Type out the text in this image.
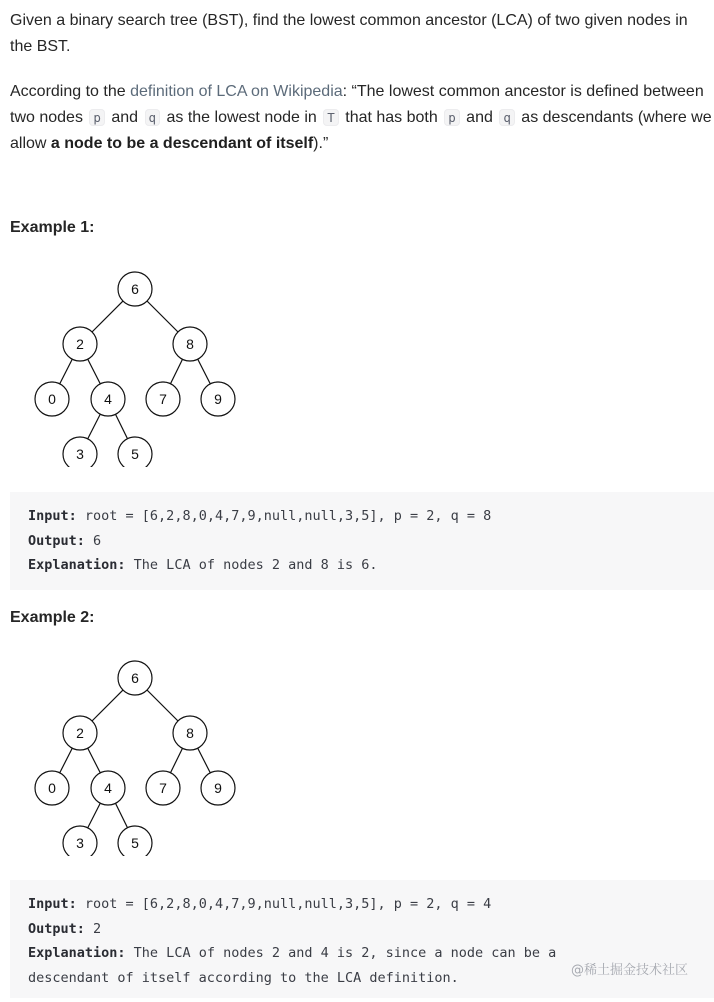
Given a binary search tree (BST), find the lowest common ancestor (LCA) of two given nodes in the BST.

According to the definition of LCA on Wikipedia: “The lowest common ancestor is defined between two nodes p and q as the lowest node in T that has both p and q as descendants (where we allow a node to be a descendant of itself).”

Example 1:
6
2	8
0	4	7	9
3	5
Input: root = [6,2,8,0,4,7,9,null,null,3,5], p = 2, q = 8
Output: 6
Explanation: The LCA of nodes 2 and 8 is 6.
Example 2:
6
2	8
0	4	7	9
3	5
Input: root = [6,2,8,0,4,7,9,null,null,3,5], p = 2, q = 4
Output: 2
Explanation: The LCA of nodes 2 and 4 is 2, since a node can be a
descendant of itself according to the LCA definition.	@稀土掘金技术社区
